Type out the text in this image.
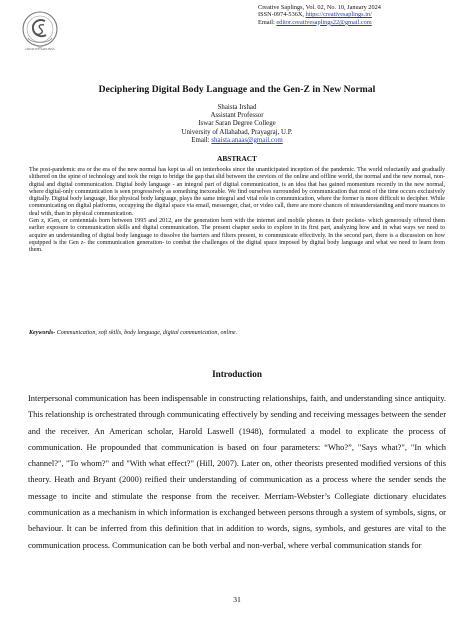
CREATIVE SAPLINGS
Creative Saplings, Vol. 02, No. 10, January 2024
ISSN-0974-536X, https://creativesaplings.in/
Email: editor.creativesaplings22@gmail.com
Deciphering Digital Body Language and the Gen-Z in New Normal
Shaista Irshad
Assistant Professor
Iswar Saran Degree College
University of Allahabad, Prayagraj, U.P.
Email: shaista.anaas@gmail.com
ABSTRACT

The post-pandemic era or the era of the new normal has kept us all on tenterhooks since the unanticipated inception of the pandemic. The world reluctantly and gradually slithered on the spine of technology and took the reign to bridge the gap that slid between the crevices of the online and offline world, the normal and the new normal, non-digital and digital communication. Digital body language - an integral part of digital communication, is an idea that has gained momentum recently in the new normal, where digital-only communication is seen progressively as something inexorable. We find ourselves surrounded by communication that most of the time occurs exclusively digitally. Digital body language, like physical body language, plays the same integral and vital role in communication, where the former is more difficult to decipher. While communicating on digital platforms, occupying the digital space via email, messenger, chat, or video call, there are more chances of misunderstanding and more nuances to deal with, than in physical communication.

Gen z, iGen, or centennials born between 1995 and 2012, are the generation born with the internet and mobile phones in their pockets- which generously offered them earlier exposure to communication skills and digital communication. The present chapter seeks to explore in its first part, analyzing how and in what ways we need to acquire an understanding of digital body language to dissolve the barriers and filters present, to communicate effectively. In the second part, there is a discussion on how equipped is the Gen z- the communication generation- to combat the challenges of the digital space imposed by digital body language and what we need to learn from them.

Keywords- Communication, soft skills, body language, digital communication, online.
Introduction

Interpersonal communication has been indispensable in constructing relationships, faith, and understanding since antiquity. This relationship is orchestrated through communicating effectively by sending and receiving messages between the sender and the receiver. An American scholar, Harold Laswell (1948), formulated a model to explicate the process of communication. He propounded that communication is based on four parameters: “Who?”, "Says what?", "In which channel?", "To whom?" and "With what effect?" (Hill, 2007). Later on, other theorists presented modified versions of this theory. Heath and Bryant (2000) reified their understanding of communication as a process where the sender sends the message to incite and stimulate the response from the receiver. Merriam-Webster’s Collegiate dictionary elucidates communication as a mechanism in which information is exchanged between persons through a system of symbols, signs, or behaviour. It can be inferred from this definition that in addition to words, signs, symbols, and gestures are vital to the communication process. Communication can be both verbal and non-verbal, where verbal communication stands for

31
